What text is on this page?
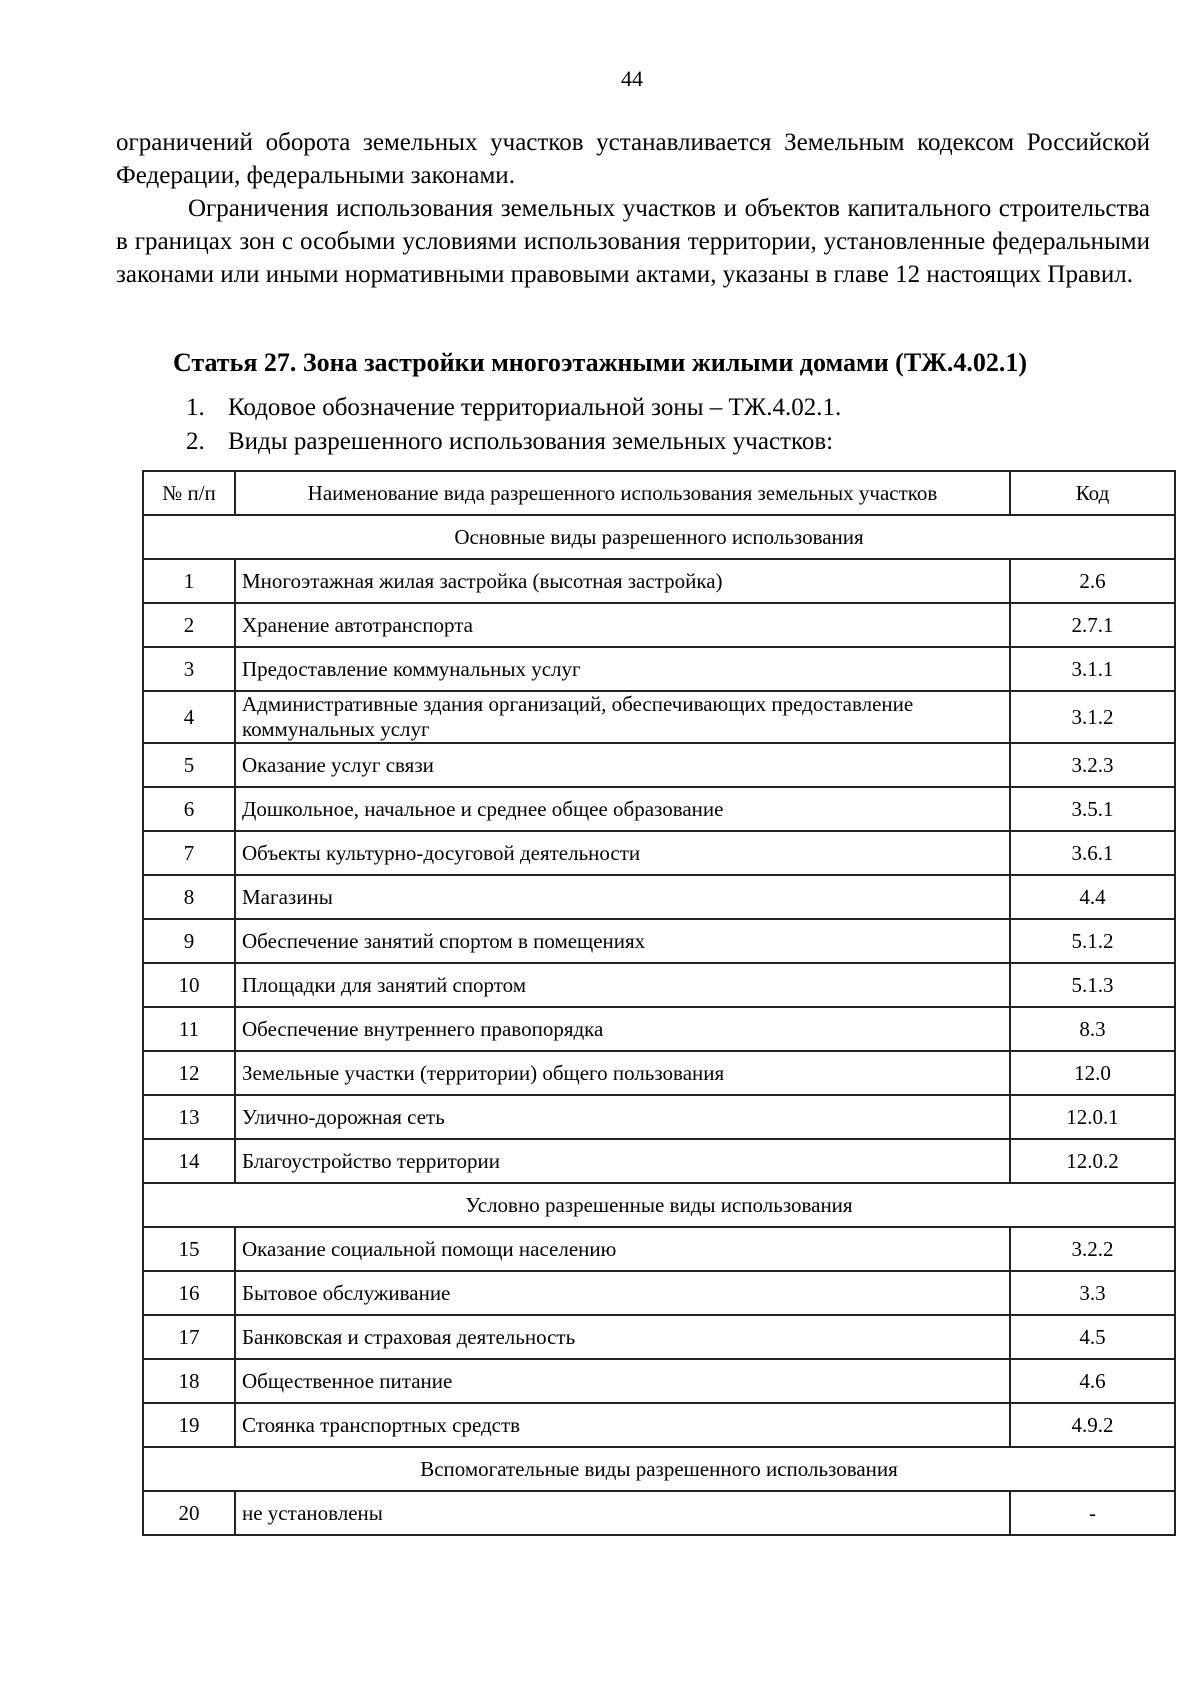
44

ограничений оборота земельных участков устанавливается Земельным кодексом Российской Федерации, федеральными законами.

Ограничения использования земельных участков и объектов капитального строительства в границах зон с особыми условиями использования территории, установленные федеральными законами или иными нормативными правовыми актами, указаны в главе 12 настоящих Правил.

Статья 27. Зона застройки многоэтажными жилыми домами (ТЖ.4.02.1)

1. Кодовое обозначение территориальной зоны – ТЖ.4.02.1.

2. Виды разрешенного использования земельных участков:

№ п/п	Наименование вида разрешенного использования земельных участков	Код
Основные виды разрешенного использования		
1	Многоэтажная жилая застройка (высотная застройка)	2.6
2	Хранение автотранспорта	2.7.1
3	Предоставление коммунальных услуг	3.1.1
4	Административные здания организаций, обеспечивающих предоставление коммунальных услуг	3.1.2
5	Оказание услуг связи	3.2.3
6	Дошкольное, начальное и среднее общее образование	3.5.1
7	Объекты культурно-досуговой деятельности	3.6.1
8	Магазины	4.4
9	Обеспечение занятий спортом в помещениях	5.1.2
10	Площадки для занятий спортом	5.1.3
11	Обеспечение внутреннего правопорядка	8.3
12	Земельные участки (территории) общего пользования	12.0
13	Улично-дорожная сеть	12.0.1
14	Благоустройство территории	12.0.2
Условно разрешенные виды использования		
15	Оказание социальной помощи населению	3.2.2
16	Бытовое обслуживание	3.3
17	Банковская и страховая деятельность	4.5
18	Общественное питание	4.6
19	Стоянка транспортных средств	4.9.2
Вспомогательные виды разрешенного использования		
20	не установлены	-
